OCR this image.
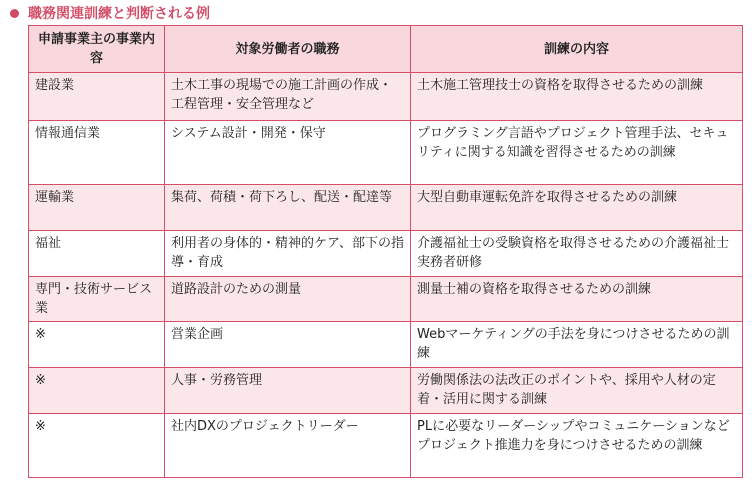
職務関連訓練と判断される例
申請事業主の事業内容	対象労働者の職務	訓練の内容
建設業	土木工事の現場での施工計画の作成・工程管理・安全管理など	土木施工管理技士の資格を取得させるための訓練
情報通信業	システム設計・開発・保守	プログラミング言語やプロジェクト管理手法、セキュリティに関する知識を習得させるための訓練
運輸業	集荷、荷積・荷下ろし、配送・配達等	大型自動車運転免許を取得させるための訓練
福祉	利用者の身体的・精神的ケア、部下の指導・育成	介護福祉士の受験資格を取得させるための介護福祉士実務者研修
専門・技術サービス業	道路設計のための測量	測量士補の資格を取得させるための訓練
※	営業企画	Webマーケティングの手法を身につけさせるための訓練
※	人事・労務管理	労働関係法の法改正のポイントや、採用や人材の定着・活用に関する訓練
※	社内DXのプロジェクトリーダー	PLに必要なリーダーシップやコミュニケーションなどプロジェクト推進力を身につけさせるための訓練
